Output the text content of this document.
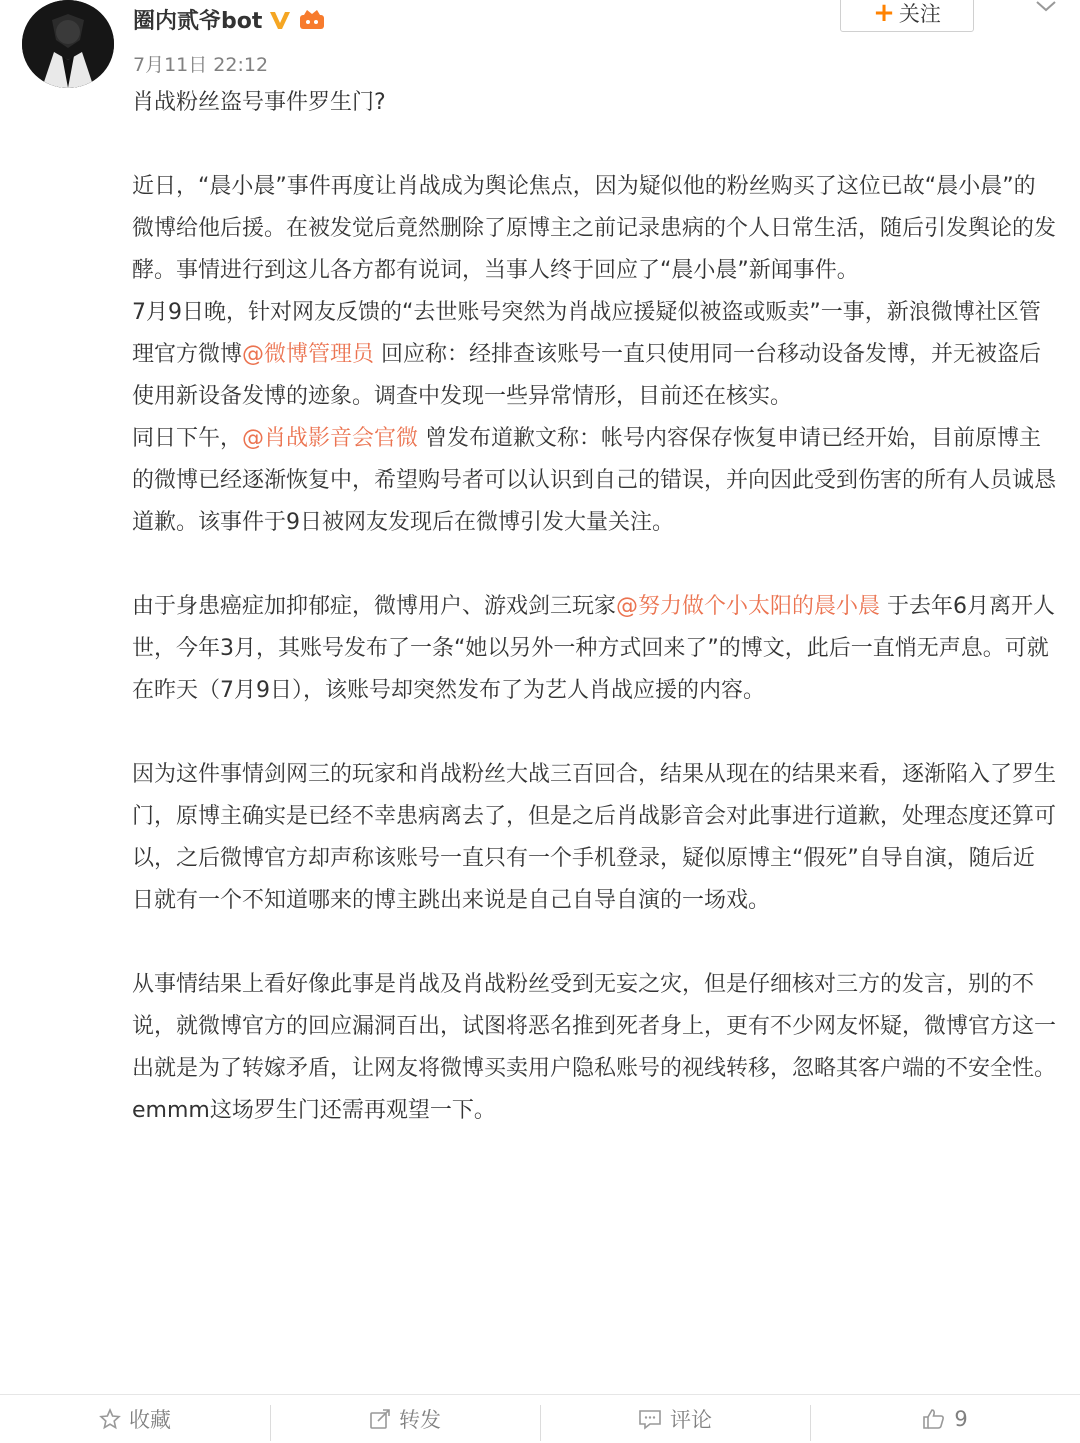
圈内贰爷bot
7月11日 22:12
+ 关注

肖战粉丝盗号事件罗生门?

近日，“晨小晨”事件再度让肖战成为舆论焦点，因为疑似他的粉丝购买了这位已故“晨小晨”的微博给他后援。在被发觉后竟然删除了原博主之前记录患病的个人日常生活，随后引发舆论的发酵。事情进行到这儿各方都有说词，当事人终于回应了“晨小晨”新闻事件。

7月9日晚，针对网友反馈的“去世账号突然为肖战应援疑似被盗或贩卖”一事，新浪微博社区管理官方微博@微博管理员 回应称：经排查该账号一直只使用同一台移动设备发博，并无被盗后使用新设备发博的迹象。调查中发现一些异常情形，目前还在核实。

同日下午，@肖战影音会官微 曾发布道歉文称：帐号内容保存恢复申请已经开始，目前原博主的微博已经逐渐恢复中，希望购号者可以认识到自己的错误，并向因此受到伤害的所有人员诚恳道歉。该事件于9日被网友发现后在微博引发大量关注。

由于身患癌症加抑郁症，微博用户、游戏剑三玩家@努力做个小太阳的晨小晨 于去年6月离开人世，今年3月，其账号发布了一条“她以另外一种方式回来了”的博文，此后一直悄无声息。可就在昨天（7月9日），该账号却突然发布了为艺人肖战应援的内容。

因为这件事情剑网三的玩家和肖战粉丝大战三百回合，结果从现在的结果来看，逐渐陷入了罗生门，原博主确实是已经不幸患病离去了，但是之后肖战影音会对此事进行道歉，处理态度还算可以，之后微博官方却声称该账号一直只有一个手机登录，疑似原博主“假死”自导自演，随后近日就有一个不知道哪来的博主跳出来说是自己自导自演的一场戏。

从事情结果上看好像此事是肖战及肖战粉丝受到无妄之灾，但是仔细核对三方的发言，别的不说，就微博官方的回应漏洞百出，试图将恶名推到死者身上，更有不少网友怀疑，微博官方这一出就是为了转嫁矛盾，让网友将微博买卖用户隐私账号的视线转移，忽略其客户端的不安全性。emmm这场罗生门还需再观望一下。

收藏	转发	评论	9
